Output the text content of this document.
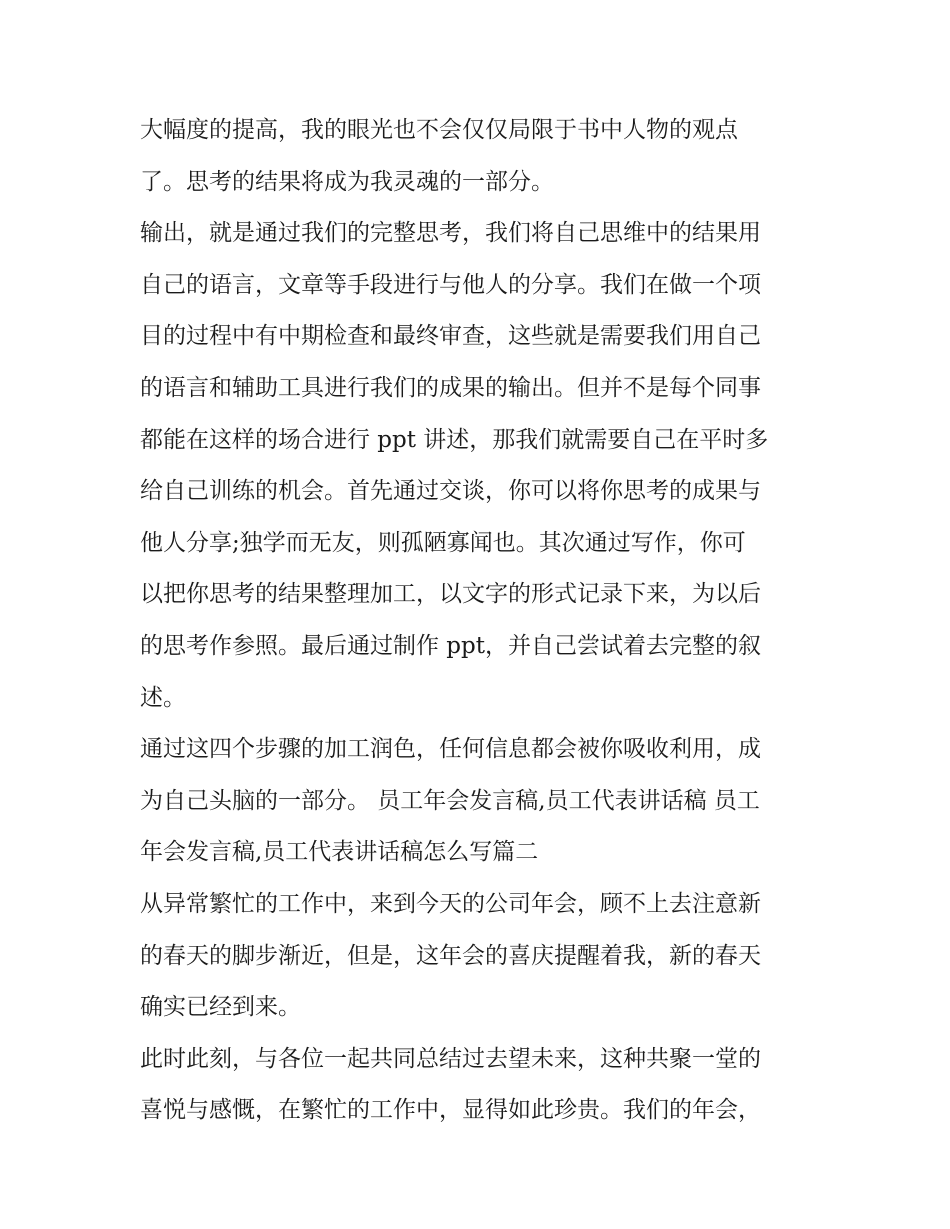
大幅度的提高，我的眼光也不会仅仅局限于书中人物的观点
了。思考的结果将成为我灵魂的一部分。
输出，就是通过我们的完整思考，我们将自己思维中的结果用
自己的语言，文章等手段进行与他人的分享。我们在做一个项
目的过程中有中期检查和最终审查，这些就是需要我们用自己
的语言和辅助工具进行我们的成果的输出。但并不是每个同事
都能在这样的场合进行 ppt 讲述，那我们就需要自己在平时多
给自己训练的机会。首先通过交谈，你可以将你思考的成果与
他人分享;独学而无友，则孤陋寡闻也。其次通过写作，你可
以把你思考的结果整理加工，以文字的形式记录下来，为以后
的思考作参照。最后通过制作 ppt，并自己尝试着去完整的叙
述。
通过这四个步骤的加工润色，任何信息都会被你吸收利用，成
为自己头脑的一部分。 员工年会发言稿,员工代表讲话稿 员工
年会发言稿,员工代表讲话稿怎么写篇二
从异常繁忙的工作中，来到今天的公司年会，顾不上去注意新
的春天的脚步渐近，但是，这年会的喜庆提醒着我，新的春天
确实已经到来。
此时此刻，与各位一起共同总结过去望未来，这种共聚一堂的
喜悦与感慨，在繁忙的工作中，显得如此珍贵。我们的年会，
